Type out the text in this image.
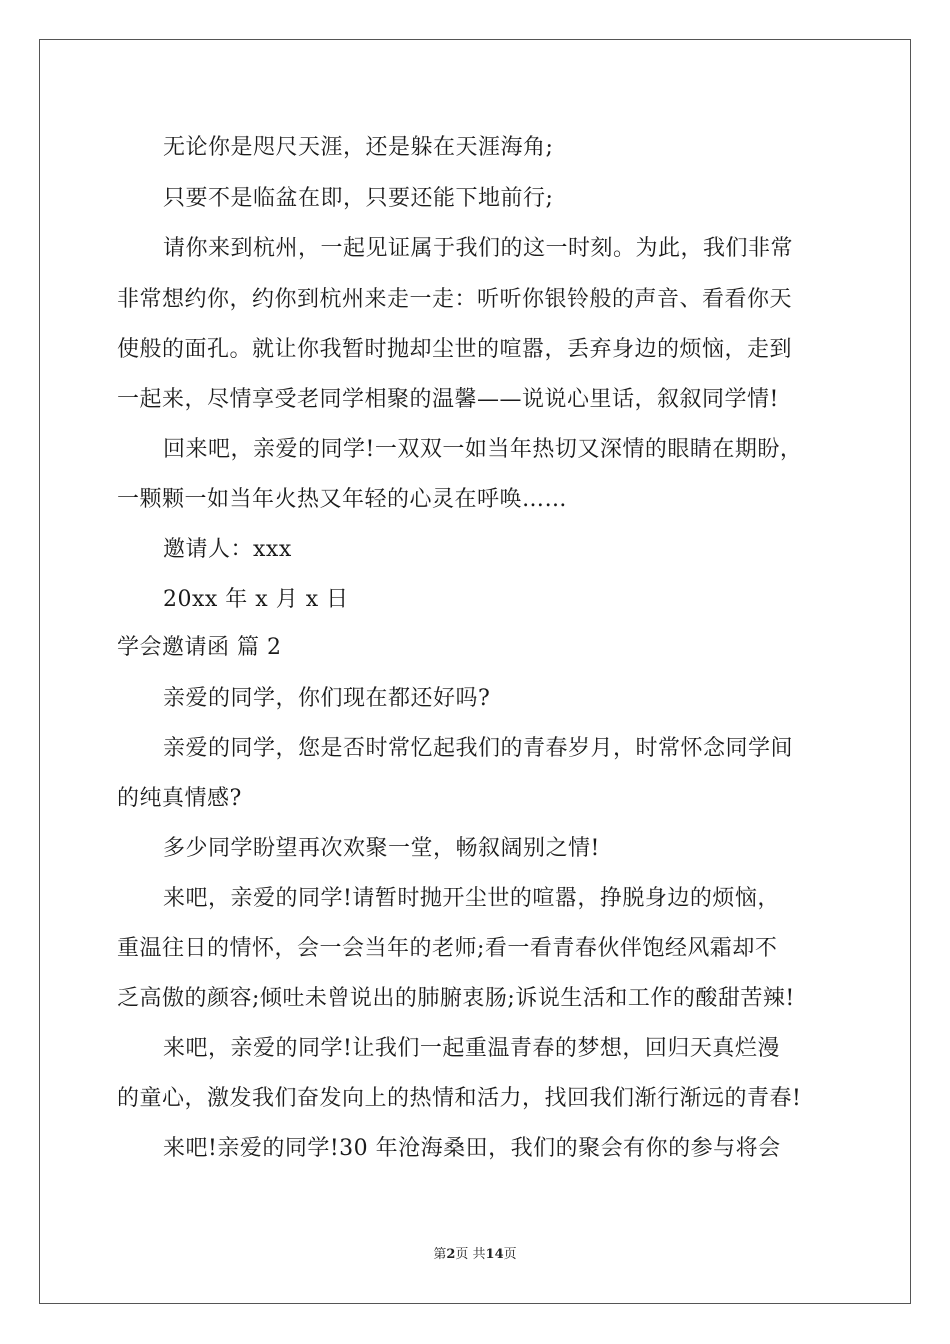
无论你是咫尺天涯，还是躲在天涯海角;
只要不是临盆在即，只要还能下地前行;
请你来到杭州，一起见证属于我们的这一时刻。为此，我们非常
非常想约你，约你到杭州来走一走：听听你银铃般的声音、看看你天
使般的面孔。就让你我暂时抛却尘世的喧嚣，丢弃身边的烦恼，走到
一起来，尽情享受老同学相聚的温馨——说说心里话，叙叙同学情!
回来吧，亲爱的同学!一双双一如当年热切又深情的眼睛在期盼，
一颗颗一如当年火热又年轻的心灵在呼唤……
邀请人：xxx
20xx 年 x 月 x 日
学会邀请函 篇 2
亲爱的同学，你们现在都还好吗?
亲爱的同学，您是否时常忆起我们的青春岁月，时常怀念同学间
的纯真情感?
多少同学盼望再次欢聚一堂，畅叙阔别之情!
来吧，亲爱的同学!请暂时抛开尘世的喧嚣，挣脱身边的烦恼，
重温往日的情怀，会一会当年的老师;看一看青春伙伴饱经风霜却不
乏高傲的颜容;倾吐未曾说出的肺腑衷肠;诉说生活和工作的酸甜苦辣!
来吧，亲爱的同学!让我们一起重温青春的梦想，回归天真烂漫
的童心，激发我们奋发向上的热情和活力，找回我们渐行渐远的青春!
来吧!亲爱的同学!30 年沧海桑田，我们的聚会有你的参与将会
第2页 共14页
